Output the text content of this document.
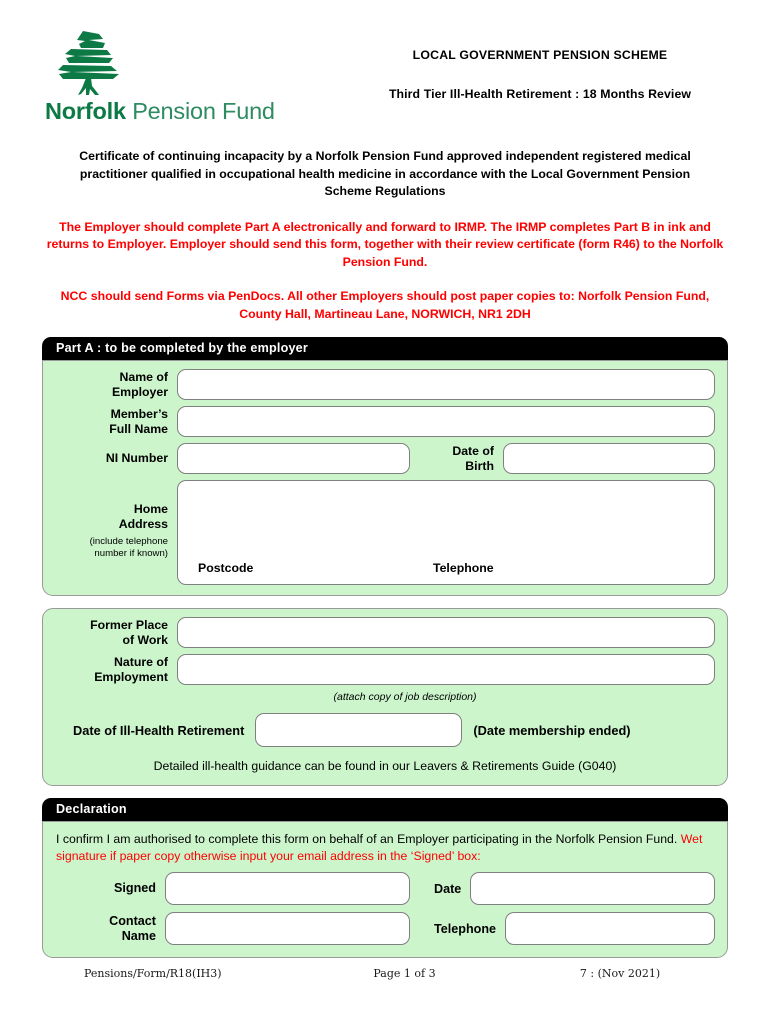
Norfolk Pension Fund
LOCAL GOVERNMENT PENSION SCHEME
Third Tier Ill-Health Retirement : 18 Months Review
Certificate of continuing incapacity by a Norfolk Pension Fund approved independent registered medical practitioner qualified in occupational health medicine in accordance with the Local Government Pension Scheme Regulations
The Employer should complete Part A electronically and forward to IRMP. The IRMP completes Part B in ink and returns to Employer. Employer should send this form, together with their review certificate (form R46) to the Norfolk Pension Fund.
NCC should send Forms via PenDocs. All other Employers should post paper copies to: Norfolk Pension Fund, County Hall, Martineau Lane, NORWICH, NR1 2DH
Part A : to be completed by the employer
Name of
Employer
Member’s
Full Name
NI Number
Date of
Birth
Home
Address
(include telephone number if known)
Postcode	Telephone
Former Place
of Work
Nature of
Employment
(attach copy of job description)
Date of Ill-Health Retirement	(Date membership ended)
Detailed ill-health guidance can be found in our Leavers & Retirements Guide (G040)
Declaration
I confirm I am authorised to complete this form on behalf of an Employer participating in the Norfolk Pension Fund. Wet signature if paper copy otherwise input your email address in the ‘Signed’ box:
Signed	Date
Contact
Name	Telephone
Pensions/Form/R18(IH3)	Page 1 of 3	7 : (Nov 2021)
